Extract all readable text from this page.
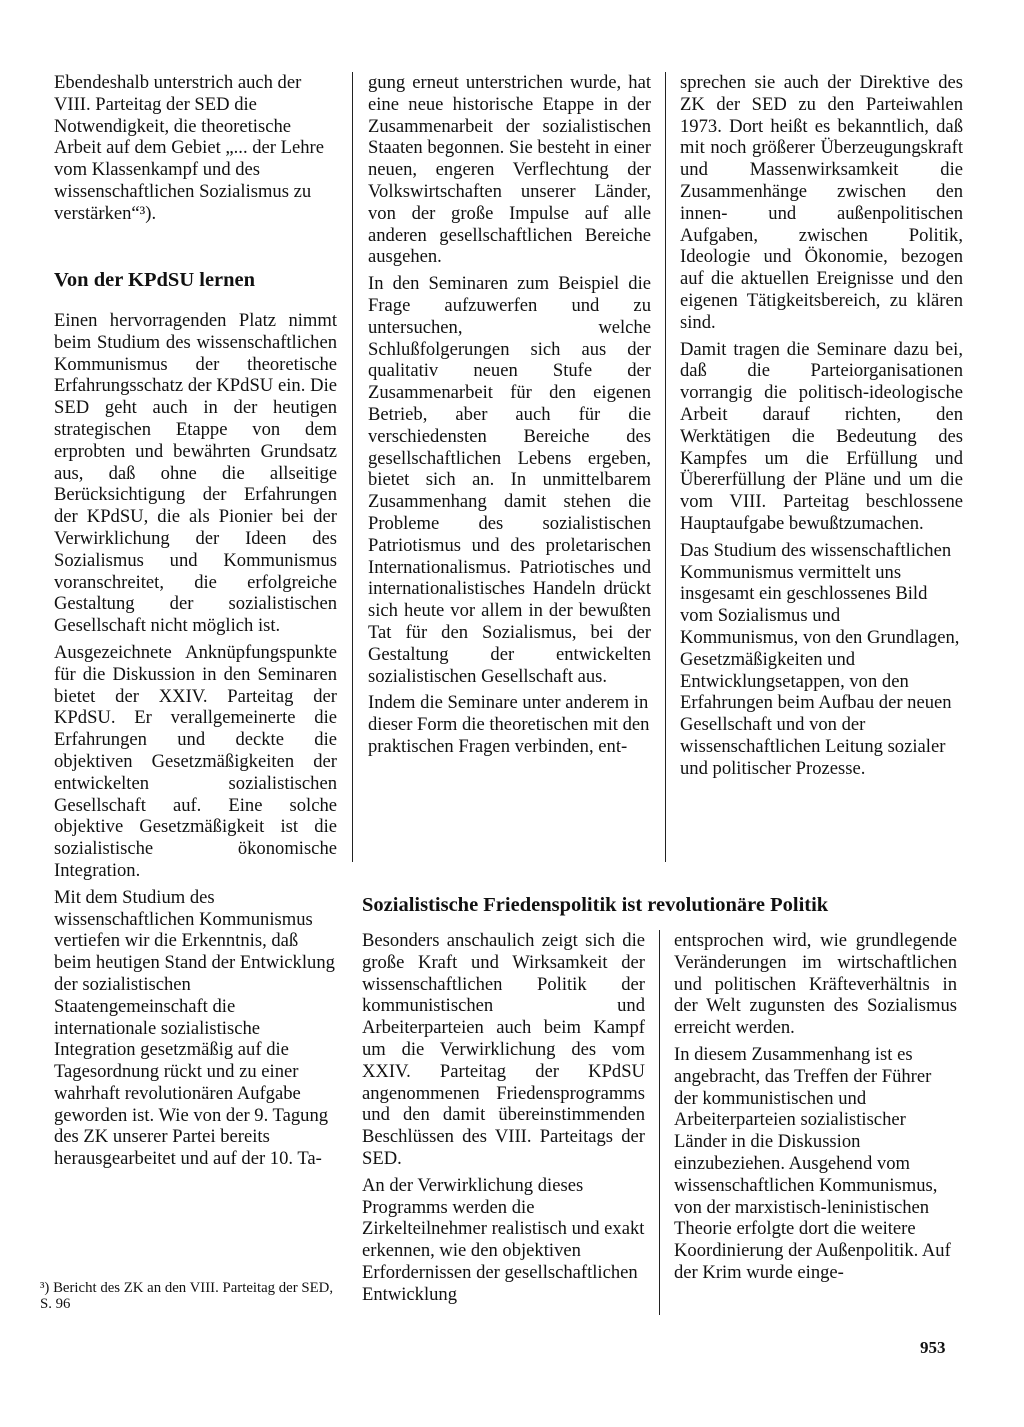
Ebendeshalb unterstrich auch der VIII. Parteitag der SED die Notwendigkeit, die theoretische Arbeit auf dem Gebiet „... der Lehre vom Klassenkampf und des wissenschaftlichen Sozialismus zu verstärken“³).

Von der KPdSU lernen

Einen hervorragenden Platz nimmt beim Studium des wissenschaftlichen Kommunismus der theoretische Erfahrungsschatz der KPdSU ein. Die SED geht auch in der heutigen strategischen Etappe von dem erprobten und bewährten Grundsatz aus, daß ohne die allseitige Berücksichtigung der Erfahrungen der KPdSU, die als Pionier bei der Verwirklichung der Ideen des Sozialismus und Kommunismus voranschreitet, die erfolgreiche Gestaltung der sozialistischen Gesellschaft nicht möglich ist.

Ausgezeichnete Anknüpfungspunkte für die Diskussion in den Seminaren bietet der XXIV. Parteitag der KPdSU. Er verallgemeinerte die Erfahrungen und deckte die objektiven Gesetzmäßigkeiten der entwickelten sozialistischen Gesellschaft auf. Eine solche objektive Gesetzmäßigkeit ist die sozialistische ökonomische Integration.

Mit dem Studium des wissenschaftlichen Kommunismus vertiefen wir die Erkenntnis, daß beim heutigen Stand der Entwicklung der sozialistischen Staatengemeinschaft die internationale sozialistische Integration gesetzmäßig auf die Tagesordnung rückt und zu einer wahrhaft revolutionären Aufgabe geworden ist. Wie von der 9. Tagung des ZK unserer Partei bereits herausgearbeitet und auf der 10. Ta-

gung erneut unterstrichen wurde, hat eine neue historische Etappe in der Zusammenarbeit der sozialistischen Staaten begonnen. Sie besteht in einer neuen, engeren Verflechtung der Volkswirtschaften unserer Länder, von der große Impulse auf alle anderen gesellschaftlichen Bereiche ausgehen.

In den Seminaren zum Beispiel die Frage aufzuwerfen und zu untersuchen, welche Schlußfolgerungen sich aus der qualitativ neuen Stufe der Zusammenarbeit für den eigenen Betrieb, aber auch für die verschiedensten Bereiche des gesellschaftlichen Lebens ergeben, bietet sich an. In unmittelbarem Zusammenhang damit stehen die Probleme des sozialistischen Patriotismus und des proletarischen Internationalismus. Patriotisches und internationalistisches Handeln drückt sich heute vor allem in der bewußten Tat für den Sozialismus, bei der Gestaltung der entwickelten sozialistischen Gesellschaft aus.

Indem die Seminare unter anderem in dieser Form die theoretischen mit den praktischen Fragen verbinden, ent-

sprechen sie auch der Direktive des ZK der SED zu den Parteiwahlen 1973. Dort heißt es bekanntlich, daß mit noch größerer Überzeugungskraft und Massenwirksamkeit die Zusammenhänge zwischen den innen- und außenpolitischen Aufgaben, zwischen Politik, Ideologie und Ökonomie, bezogen auf die aktuellen Ereignisse und den eigenen Tätigkeitsbereich, zu klären sind.

Damit tragen die Seminare dazu bei, daß die Parteiorganisationen vorrangig die politisch-ideologische Arbeit darauf richten, den Werktätigen die Bedeutung des Kampfes um die Erfüllung und Übererfüllung der Pläne und um die vom VIII. Parteitag beschlossene Hauptaufgabe bewußtzumachen.

Das Studium des wissenschaftlichen Kommunismus vermittelt uns insgesamt ein geschlossenes Bild vom Sozialismus und Kommunismus, von den Grundlagen, Gesetzmäßigkeiten und Entwicklungsetappen, von den Erfahrungen beim Aufbau der neuen Gesellschaft und von der wissenschaftlichen Leitung sozialer und politischer Prozesse.

Sozialistische Friedenspolitik ist revolutionäre Politik

Besonders anschaulich zeigt sich die große Kraft und Wirksamkeit der wissenschaftlichen Politik der kommunistischen und Arbeiterparteien auch beim Kampf um die Verwirklichung des vom XXIV. Parteitag der KPdSU angenommenen Friedensprogramms und den damit übereinstimmenden Beschlüssen des VIII. Parteitags der SED.

An der Verwirklichung dieses Programms werden die Zirkelteilnehmer realistisch und exakt erkennen, wie den objektiven Erfordernissen der gesellschaftlichen Entwicklung

entsprochen wird, wie grundlegende Veränderungen im wirtschaftlichen und politischen Kräfteverhältnis in der Welt zugunsten des Sozialismus erreicht werden.

In diesem Zusammenhang ist es angebracht, das Treffen der Führer der kommunistischen und Arbeiterparteien sozialistischer Länder in die Diskussion einzubeziehen. Ausgehend vom wissenschaftlichen Kommunismus, von der marxistisch-leninistischen Theorie erfolgte dort die weitere Koordinierung der Außenpolitik. Auf der Krim wurde einge-

³) Bericht des ZK an den VIII. Parteitag der SED, S. 96

953
